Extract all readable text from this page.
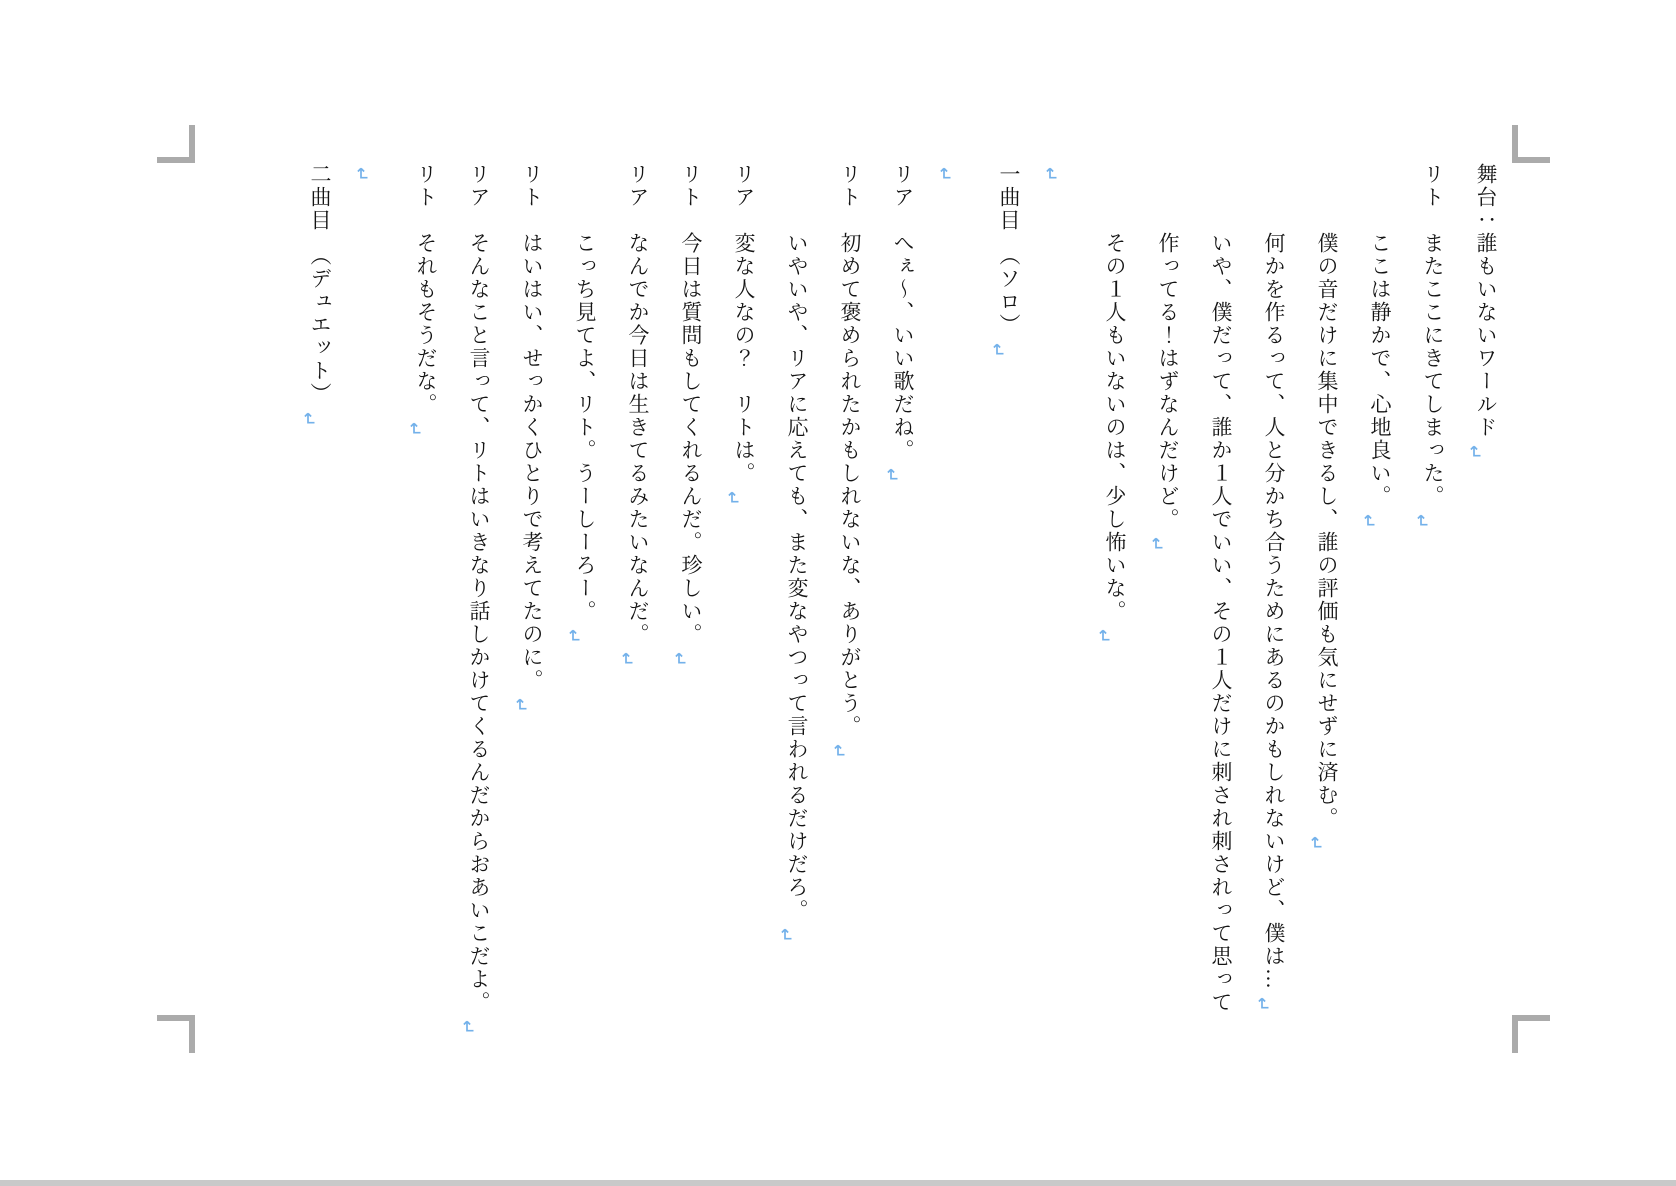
舞台：誰もいないワールド
リトまたここにきてしまった。
ここは静かで、心地良い。
僕の音だけに集中できるし、誰の評価も気にせずに済む。
何かを作るって、人と分かち合うためにあるのかもしれないけど、僕は…
いや、僕だって、誰か１人でいい、その１人だけに刺され刺されって思って作ってる！はずなんだけど。
その１人もいないのは、少し怖いな。
一曲目　（ソロ）
リアへぇ～、いい歌だね。
リト初めて褒められたかもしれないな、ありがとう。
いやいや、リアに応えても、また変なやつって言われるだけだろ。
リア変な人なの？　リトは。
リト今日は質問もしてくれるんだ。珍しい。
リアなんでか今日は生きてるみたいなんだ。
こっち見てよ、リト。うーしーろー。
リトはいはい、せっかくひとりで考えてたのに。
リアそんなこと言って、リトはいきなり話しかけてくるんだからおあいこだよ。
リトそれもそうだな。
二曲目　（デュエット）
